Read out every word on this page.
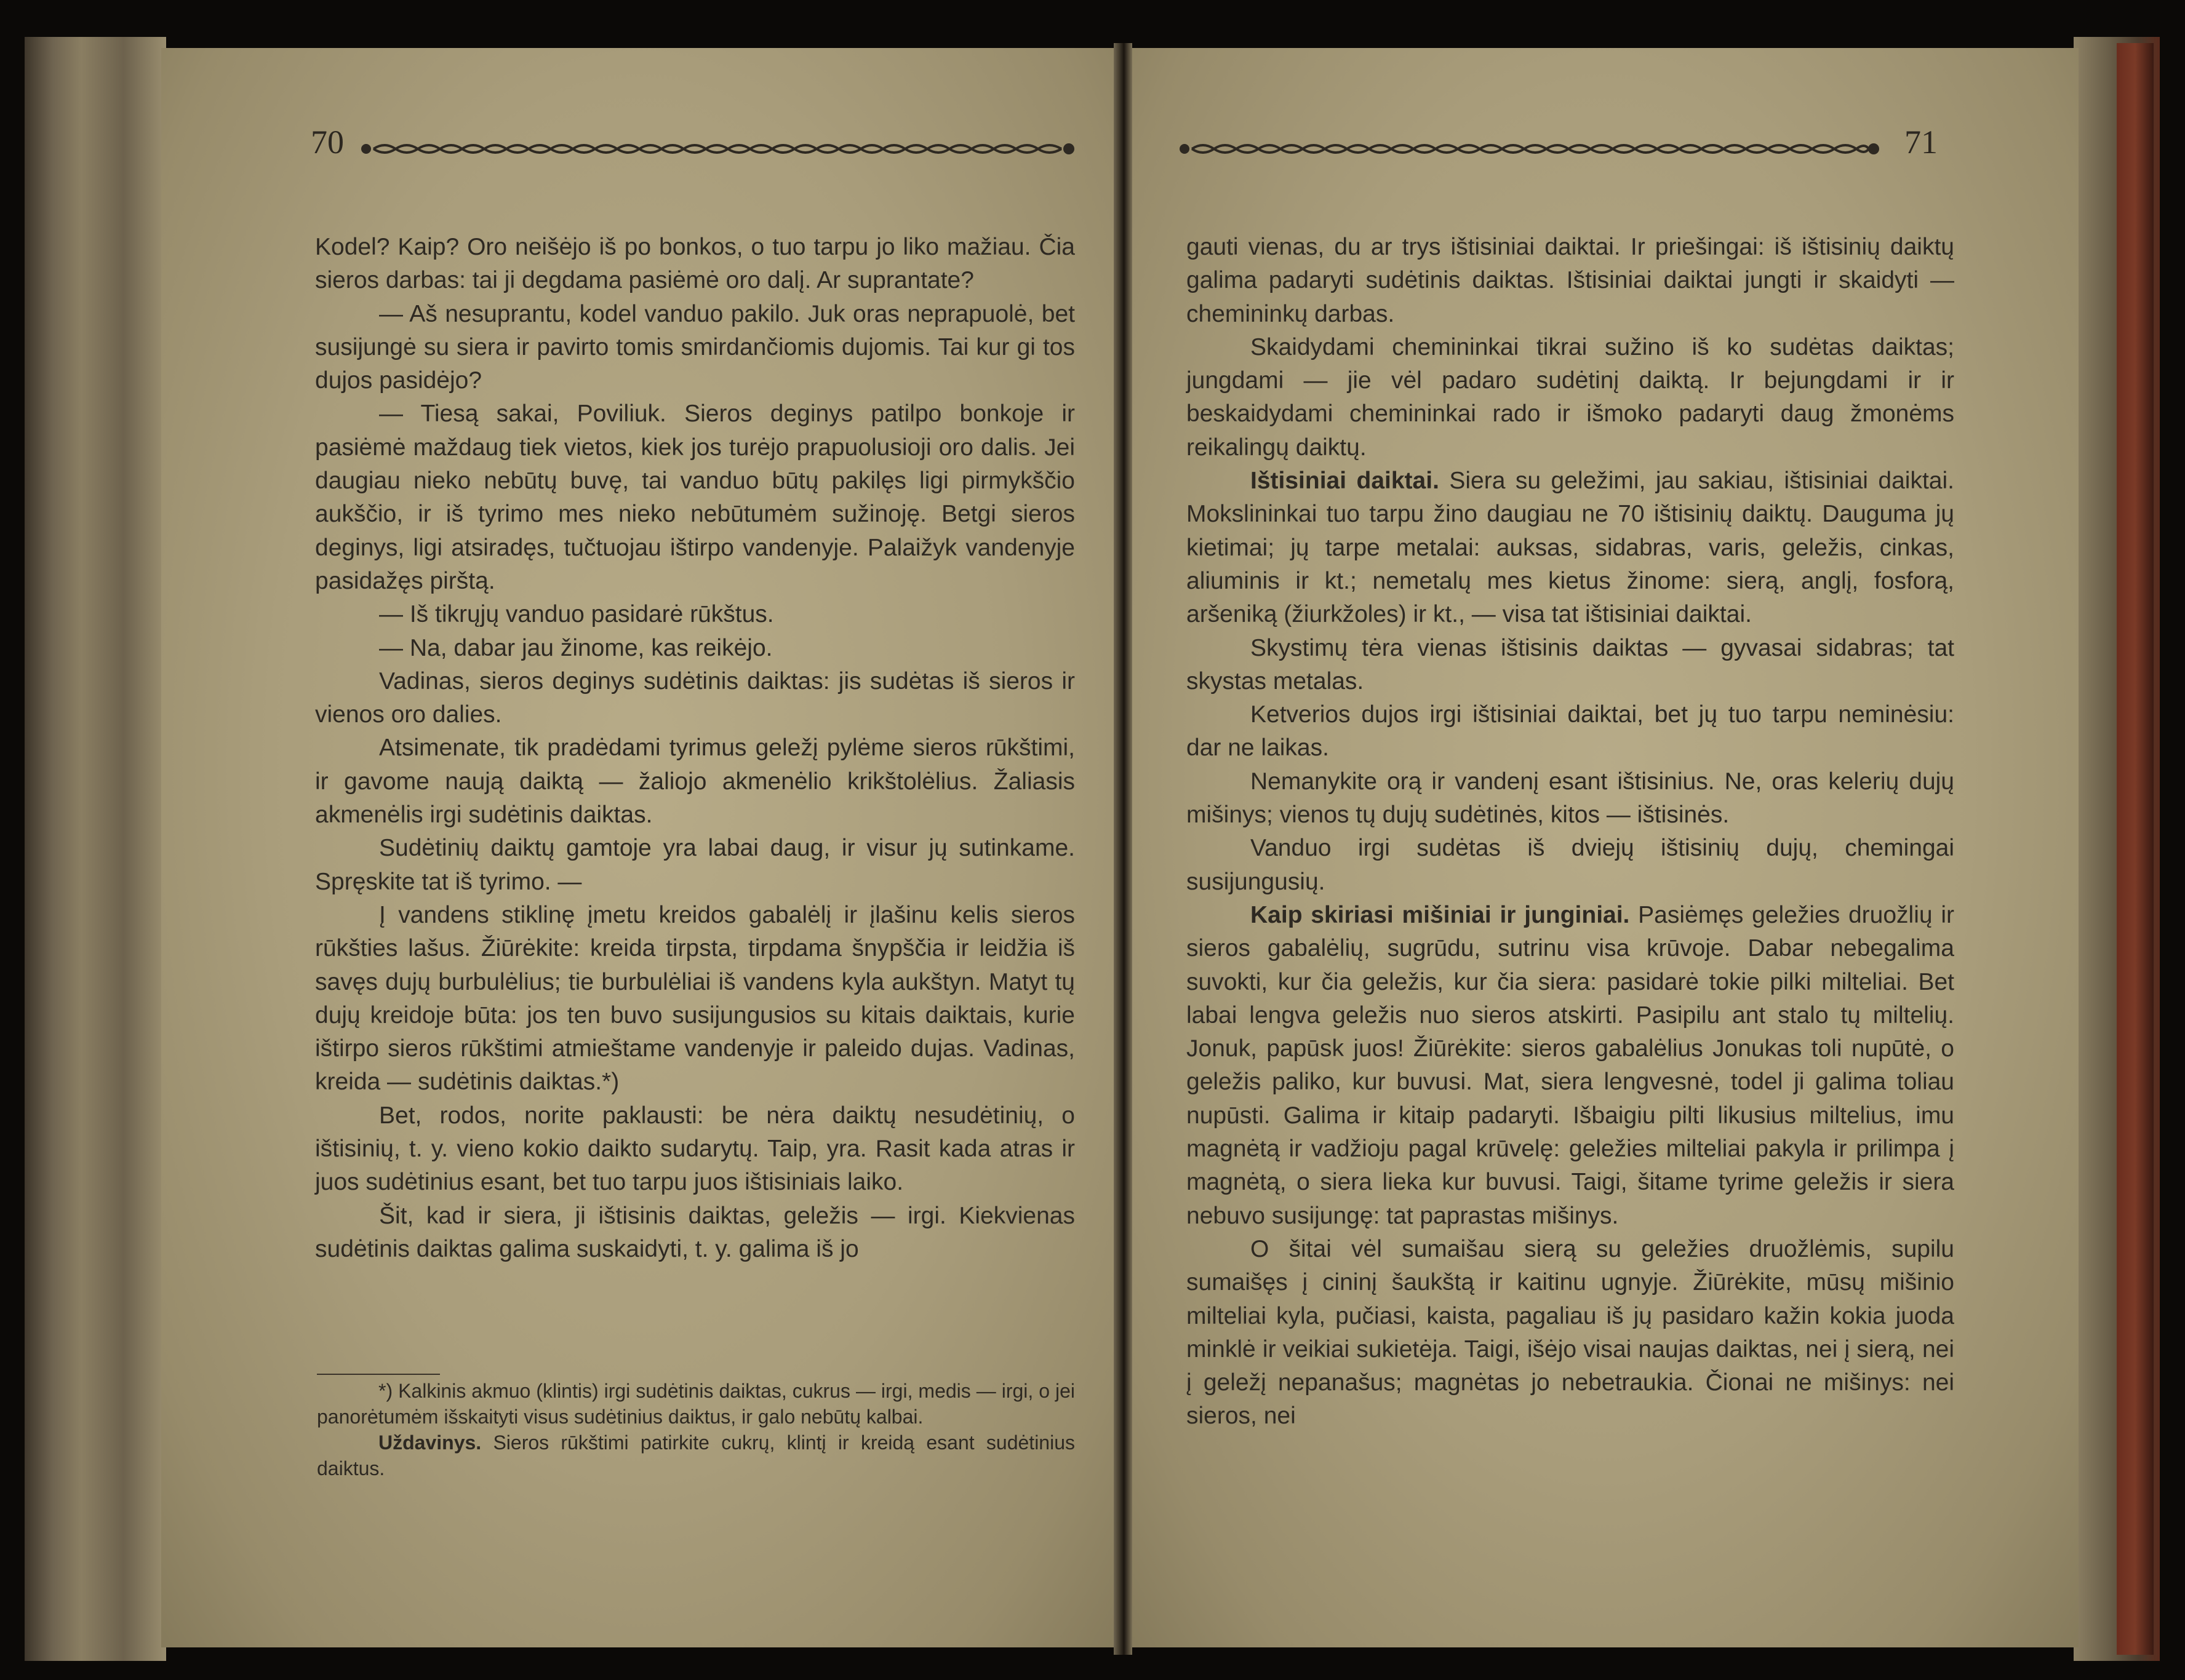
70	71

Kodel? Kaip? Oro neišėjo iš po bonkos, o tuo tarpu jo liko mažiau. Čia sieros darbas: tai ji degdama pasiėmė oro dalį. Ar suprantate?

— Aš nesuprantu, kodel vanduo pakilo. Juk oras neprapuolė, bet susijungė su siera ir pavirto tomis smirdančiomis dujomis. Tai kur gi tos dujos pasidėjo?

— Tiesą sakai, Poviliuk. Sieros deginys patilpo bonkoje ir pasiėmė maždaug tiek vietos, kiek jos turėjo prapuolusioji oro dalis. Jei daugiau nieko nebūtų buvę, tai vanduo būtų pakilęs ligi pirmykščio aukščio, ir iš tyrimo mes nieko nebūtumėm sužinoję. Betgi sieros deginys, ligi atsiradęs, tučtuojau ištirpo vandenyje. Palaižyk vandenyje pasidažęs pirštą.

— Iš tikrųjų vanduo pasidarė rūkštus.

— Na, dabar jau žinome, kas reikėjo.

Vadinas, sieros deginys sudėtinis daiktas: jis sudėtas iš sieros ir vienos oro dalies.

Atsimenate, tik pradėdami tyrimus geležį pylėme sieros rūkštimi, ir gavome naują daiktą — žaliojo akmenėlio krikštolėlius. Žaliasis akmenėlis irgi sudėtinis daiktas.

Sudėtinių daiktų gamtoje yra labai daug, ir visur jų sutinkame. Spręskite tat iš tyrimo. —

Į vandens stiklinę įmetu kreidos gabalėlį ir įlašinu kelis sieros rūkšties lašus. Žiūrėkite: kreida tirpsta, tirpdama šnypščia ir leidžia iš savęs dujų burbulėlius; tie burbulėliai iš vandens kyla aukštyn. Matyt tų dujų kreidoje būta: jos ten buvo susijungusios su kitais daiktais, kurie ištirpo sieros rūkštimi atmieštame vandenyje ir paleido dujas. Vadinas, kreida — sudėtinis daiktas.*)

Bet, rodos, norite paklausti: be nėra daiktų nesudėtinių, o ištisinių, t. y. vieno kokio daikto sudarytų. Taip, yra. Rasit kada atras ir juos sudėtinius esant, bet tuo tarpu juos ištisiniais laiko.

Šit, kad ir siera, ji ištisinis daiktas, geležis — irgi. Kiekvienas sudėtinis daiktas galima suskaidyti, t. y. galima iš jo

*) Kalkinis akmuo (klintis) irgi sudėtinis daiktas, cukrus — irgi, medis — irgi, o jei panorėtumėm išskaityti visus sudėtinius daiktus, ir galo nebūtų kalbai.

Uždavinys. Sieros rūkštimi patirkite cukrų, klintį ir kreidą esant sudėtinius daiktus.

gauti vienas, du ar trys ištisiniai daiktai. Ir priešingai: iš ištisinių daiktų galima padaryti sudėtinis daiktas. Ištisiniai daiktai jungti ir skaidyti — chemininkų darbas.

Skaidydami chemininkai tikrai sužino iš ko sudėtas daiktas; jungdami — jie vėl padaro sudėtinį daiktą. Ir bejungdami ir ir beskaidydami chemininkai rado ir išmoko padaryti daug žmonėms reikalingų daiktų.

Ištisiniai daiktai. Siera su geležimi, jau sakiau, ištisiniai daiktai. Mokslininkai tuo tarpu žino daugiau ne 70 ištisinių daiktų. Dauguma jų kietimai; jų tarpe metalai: auksas, sidabras, varis, geležis, cinkas, aliuminis ir kt.; nemetalų mes kietus žinome: sierą, anglį, fosforą, aršeniką (žiurkžoles) ir kt., — visa tat ištisiniai daiktai.

Skystimų tėra vienas ištisinis daiktas — gyvasai sidabras; tat skystas metalas.

Ketverios dujos irgi ištisiniai daiktai, bet jų tuo tarpu neminėsiu: dar ne laikas.

Nemanykite orą ir vandenį esant ištisinius. Ne, oras kelerių dujų mišinys; vienos tų dujų sudėtinės, kitos — ištisinės.

Vanduo irgi sudėtas iš dviejų ištisinių dujų, chemingai susijungusių.

Kaip skiriasi mišiniai ir junginiai. Pasiėmęs geležies druožlių ir sieros gabalėlių, sugrūdu, sutrinu visa krūvoje. Dabar nebegalima suvokti, kur čia geležis, kur čia siera: pasidarė tokie pilki milteliai. Bet labai lengva geležis nuo sieros atskirti. Pasipilu ant stalo tų miltelių. Jonuk, papūsk juos! Žiūrėkite: sieros gabalėlius Jonukas toli nupūtė, o geležis paliko, kur buvusi. Mat, siera lengvesnė, todel ji galima toliau nupūsti. Galima ir kitaip padaryti. Išbaigiu pilti likusius miltelius, imu magnėtą ir vadžioju pagal krūvelę: geležies milteliai pakyla ir prilimpa į magnėtą, o siera lieka kur buvusi. Taigi, šitame tyrime geležis ir siera nebuvo susijungę: tat paprastas mišinys.

O šitai vėl sumaišau sierą su geležies druožlėmis, supilu sumaišęs į cininį šaukštą ir kaitinu ugnyje. Žiūrėkite, mūsų mišinio milteliai kyla, pučiasi, kaista, pagaliau iš jų pasidaro kažin kokia juoda minklė ir veikiai sukietėja. Taigi, išėjo visai naujas daiktas, nei į sierą, nei į geležį nepanašus; magnėtas jo nebetraukia. Čionai ne mišinys: nei sieros, nei
